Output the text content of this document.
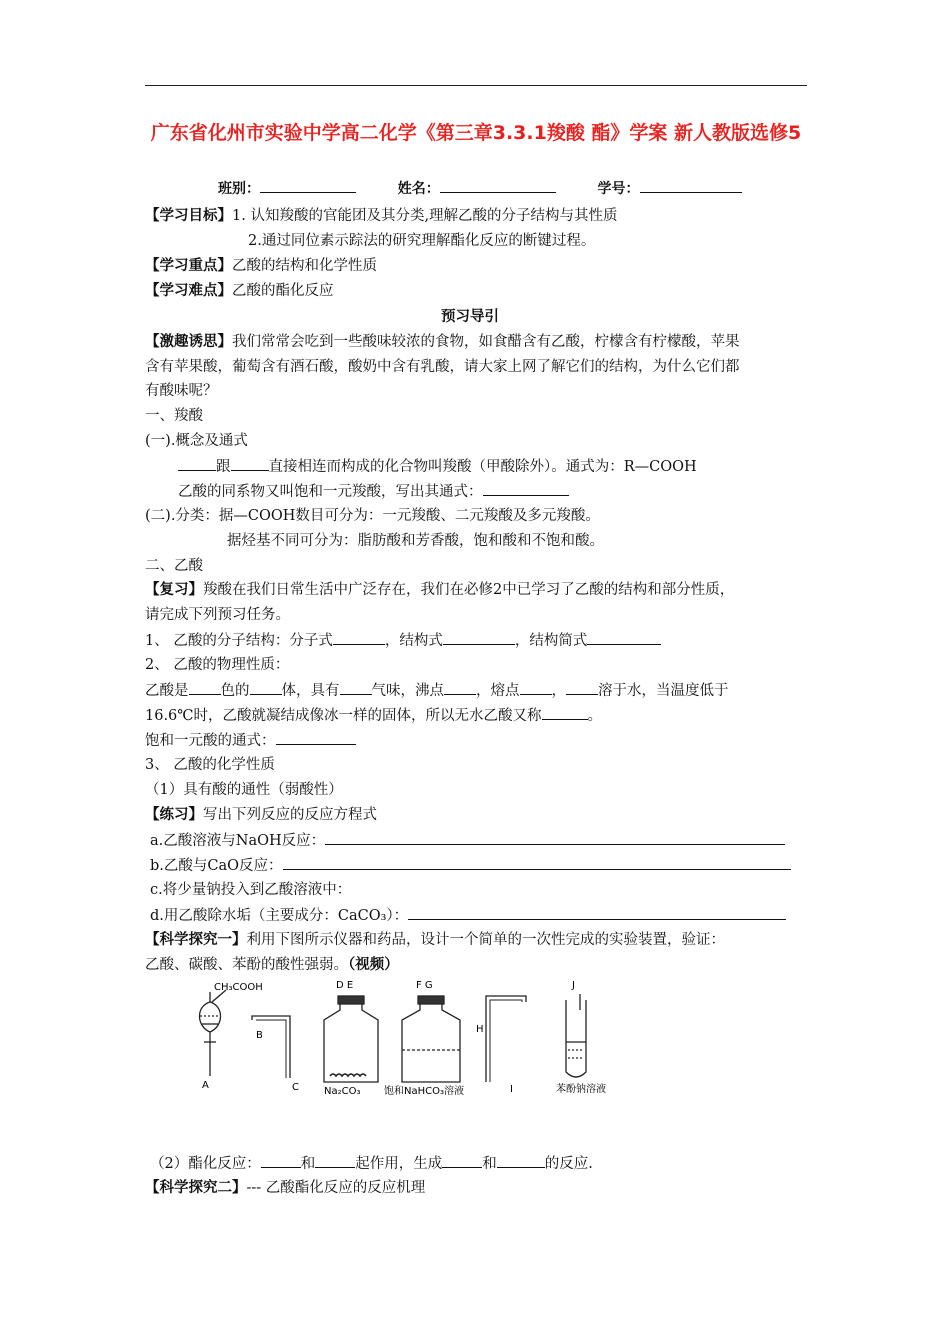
广东省化州市实验中学高二化学《第三章3.3.1羧酸 酯》学案 新人教版选修5
班别：	姓名：	学号：
【学习目标】1. 认知羧酸的官能团及其分类,理解乙酸的分子结构与其性质
2.通过同位素示踪法的研究理解酯化反应的断键过程。
【学习重点】乙酸的结构和化学性质
【学习难点】乙酸的酯化反应
预习导引
【激趣诱思】我们常常会吃到一些酸味较浓的食物，如食醋含有乙酸，柠檬含有柠檬酸，苹果
含有苹果酸，葡萄含有酒石酸，酸奶中含有乳酸，请大家上网了解它们的结构，为什么它们都
有酸味呢？
一、羧酸
(一).概念及通式
跟	直接相连而构成的化合物叫羧酸（甲酸除外）。通式为：R—COOH
乙酸的同系物又叫饱和一元羧酸，写出其通式：
(二).分类：据—COOH数目可分为：一元羧酸、二元羧酸及多元羧酸。
据烃基不同可分为：脂肪酸和芳香酸，饱和酸和不饱和酸。
二、乙酸
【复习】羧酸在我们日常生活中广泛存在，我们在必修2中已学习了乙酸的结构和部分性质，
请完成下列预习任务。
1、 乙酸的分子结构：分子式	，结构式	，结构简式
2、 乙酸的物理性质：
乙酸是 色的 体，具有 气味，沸点 ，熔点 ， 溶于水，当温度低于
16.6℃时，乙酸就凝结成像冰一样的固体，所以无水乙酸又称	。
饱和一元酸的通式：
3、 乙酸的化学性质
（1）具有酸的通性（弱酸性）
【练习】写出下列反应的反应方程式
a.乙酸溶液与NaOH反应：
b.乙酸与CaO反应：
c.将少量钠投入到乙酸溶液中：
d.用乙酸除水垢（主要成分：CaCO₃）：
【科学探究一】利用下图所示仪器和药品，设计一个简单的一次性完成的实验装置，验证：
乙酸、碳酸、苯酚的酸性强弱。（视频）
CH₃COOH
A
B
C
D E
Na₂CO₃
F G
饱和NaHCO₃溶液
H
I
J
苯酚钠溶液
（2）酯化反应：	和	起作用，生成	和	的反应.
【科学探究二】--- 乙酸酯化反应的反应机理
